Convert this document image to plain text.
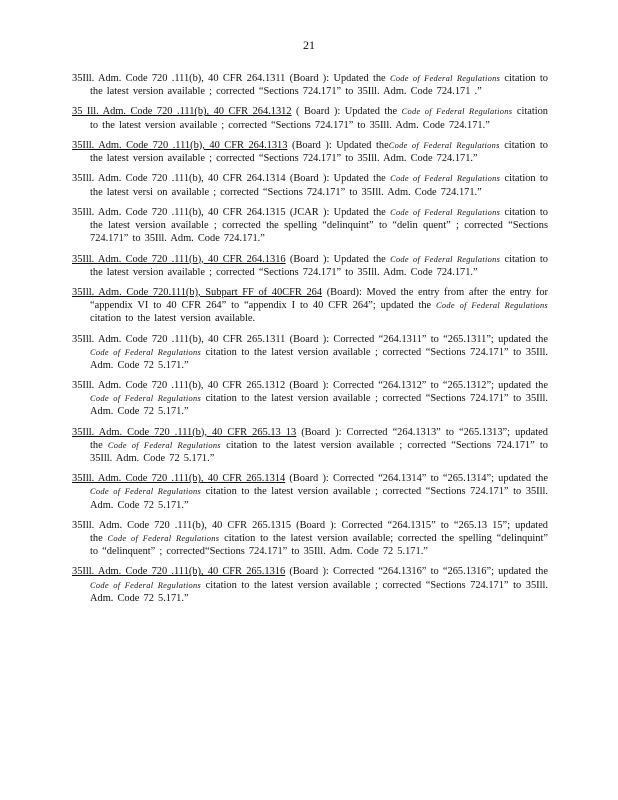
21

35Ill. Adm. Code 720 .111(b), 40 CFR 264.1311 (Board ): Updated the Code of Federal Regulations citation to the latest version available ; corrected “Sections 724.171” to 35Ill. Adm. Code 724.171 .”

35 Ill. Adm. Code 720 .111(b), 40 CFR 264.1312 ( Board ): Updated the Code of Federal Regulations citation to the latest version available ; corrected “Sections 724.171” to 35Ill. Adm. Code 724.171.”

35Ill. Adm. Code 720 .111(b), 40 CFR 264.1313 (Board ): Updated theCode of Federal Regulations citation to the latest version available ; corrected “Sections 724.171” to 35Ill. Adm. Code 724.171.”

35Ill. Adm. Code 720 .111(b), 40 CFR 264.1314 (Board ): Updated the Code of Federal Regulations citation to the latest versi on available ; corrected “Sections 724.171” to 35Ill. Adm. Code 724.171.”

35Ill. Adm. Code 720 .111(b), 40 CFR 264.1315 (JCAR ): Updated the Code of Federal Regulations citation to the latest version available ; corrected the spelling “delinquint” to “delin quent” ; corrected “Sections 724.171” to 35Ill. Adm. Code 724.171.”

35Ill. Adm. Code 720 .111(b), 40 CFR 264.1316 (Board ): Updated the Code of Federal Regulations citation to the latest version available ; corrected “Sections 724.171” to 35Ill. Adm. Code 724.171.”

35Ill. Adm. Code 720.111(b), Subpart FF of 40CFR 264 (Board): Moved the entry from after the entry for “appendix VI to 40 CFR 264” to “appendix I to 40 CFR 264”; updated the Code of Federal Regulations citation to the latest version available.

35Ill. Adm. Code 720 .111(b), 40 CFR 265.1311 (Board ): Corrected “264.1311” to “265.1311”; updated the Code of Federal Regulations citation to the latest version available ; corrected “Sections 724.171” to 35Ill. Adm. Code 72 5.171.”

35Ill. Adm. Code 720 .111(b), 40 CFR 265.1312 (Board ): Corrected “264.1312” to “265.1312”; updated the Code of Federal Regulations citation to the latest version available ; corrected “Sections 724.171” to 35Ill. Adm. Code 72 5.171.”

35Ill. Adm. Code 720 .111(b), 40 CFR 265.13 13 (Board ): Corrected “264.1313” to “265.1313”; updated the Code of Federal Regulations citation to the latest version available ; corrected “Sections 724.171” to 35Ill. Adm. Code 72 5.171.”

35Ill. Adm. Code 720 .111(b), 40 CFR 265.1314 (Board ): Corrected “264.1314” to “265.1314”; updated the Code of Federal Regulations citation to the latest version available ; corrected “Sections 724.171” to 35Ill. Adm. Code 72 5.171.”

35Ill. Adm. Code 720 .111(b), 40 CFR 265.1315 (Board ): Corrected “264.1315” to “265.13 15”; updated the Code of Federal Regulations citation to the latest version available; corrected the spelling “delinquint” to “delinquent” ; corrected“Sections 724.171” to 35Ill. Adm. Code 72 5.171.”

35Ill. Adm. Code 720 .111(b), 40 CFR 265.1316 (Board ): Corrected “264.1316” to “265.1316”; updated the Code of Federal Regulations citation to the latest version available ; corrected “Sections 724.171” to 35Ill. Adm. Code 72 5.171.”
